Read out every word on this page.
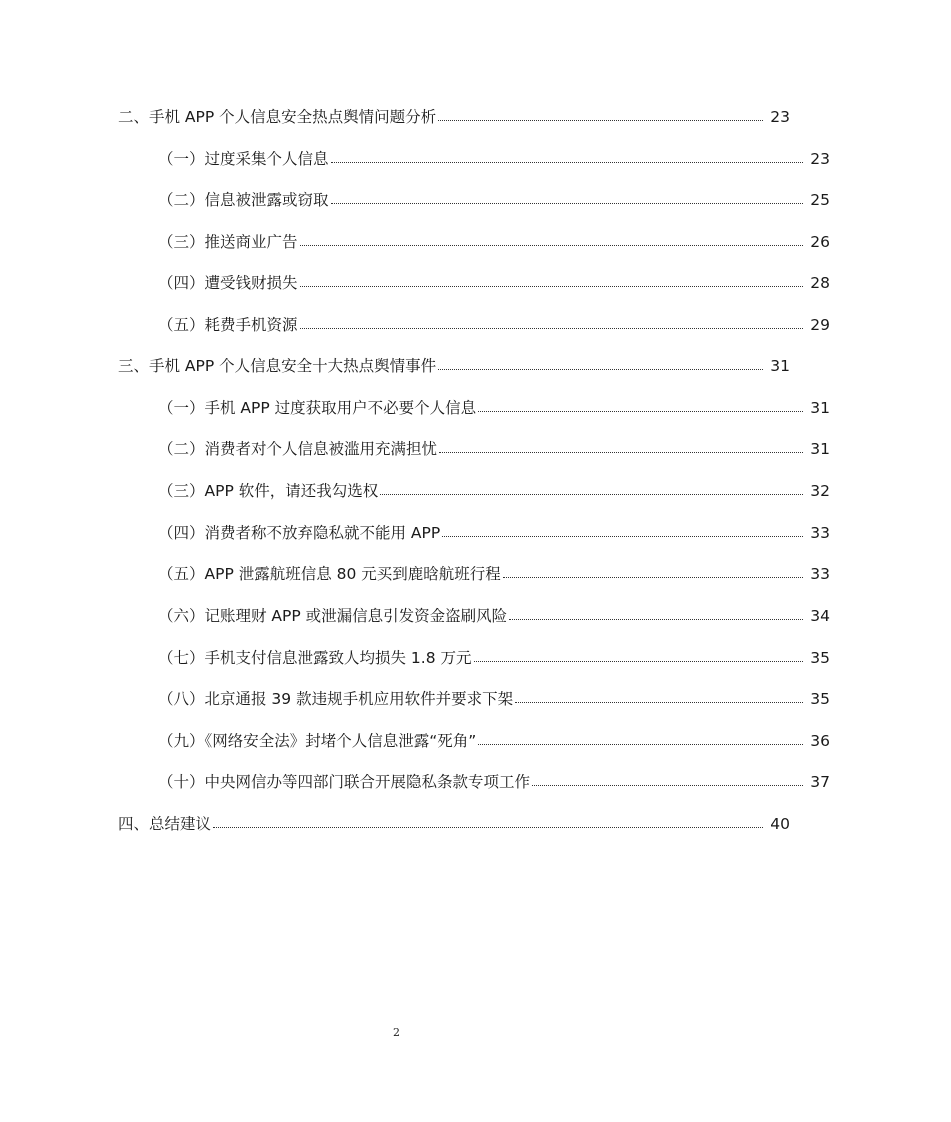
二、手机 APP 个人信息安全热点舆情问题分析	23
（一）过度采集个人信息	23
（二）信息被泄露或窃取	25
（三）推送商业广告	26
（四）遭受钱财损失	28
（五）耗费手机资源	29
三、手机 APP 个人信息安全十大热点舆情事件	31
（一）手机 APP 过度获取用户不必要个人信息	31
（二）消费者对个人信息被滥用充满担忧	31
（三）APP 软件，请还我勾选权	32
（四）消费者称不放弃隐私就不能用 APP	33
（五）APP 泄露航班信息 80 元买到鹿晗航班行程	33
（六）记账理财 APP 或泄漏信息引发资金盗刷风险	34
（七）手机支付信息泄露致人均损失 1.8 万元	35
（八）北京通报 39 款违规手机应用软件并要求下架	35
（九）《网络安全法》封堵个人信息泄露“死角”	36
（十）中央网信办等四部门联合开展隐私条款专项工作	37
四、总结建议	40
2
